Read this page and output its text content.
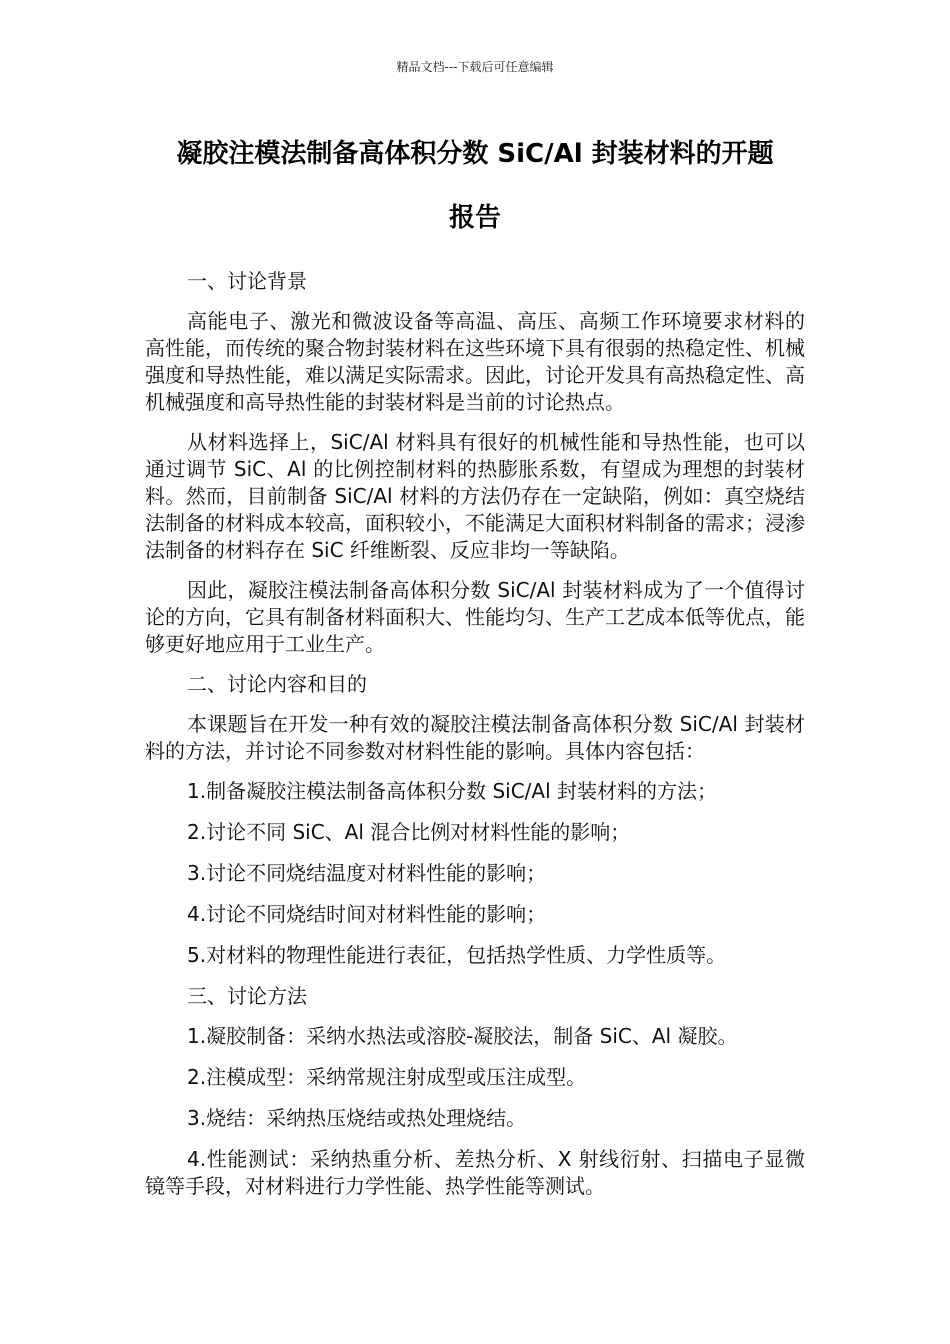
精品文档---下载后可任意编辑
凝胶注模法制备高体积分数 SiC/Al 封装材料的开题
报告
一、讨论背景
高能电子、激光和微波设备等高温、高压、高频工作环境要求材料的高性能，而传统的聚合物封装材料在这些环境下具有很弱的热稳定性、机械强度和导热性能，难以满足实际需求。因此，讨论开发具有高热稳定性、高机械强度和高导热性能的封装材料是当前的讨论热点。
从材料选择上，SiC/Al 材料具有很好的机械性能和导热性能，也可以通过调节 SiC、Al 的比例控制材料的热膨胀系数，有望成为理想的封装材料。然而，目前制备 SiC/Al 材料的方法仍存在一定缺陷，例如：真空烧结法制备的材料成本较高，面积较小，不能满足大面积材料制备的需求；浸渗法制备的材料存在 SiC 纤维断裂、反应非均一等缺陷。
因此，凝胶注模法制备高体积分数 SiC/Al 封装材料成为了一个值得讨论的方向，它具有制备材料面积大、性能均匀、生产工艺成本低等优点，能够更好地应用于工业生产。
二、讨论内容和目的
本课题旨在开发一种有效的凝胶注模法制备高体积分数 SiC/Al 封装材料的方法，并讨论不同参数对材料性能的影响。具体内容包括：
1.制备凝胶注模法制备高体积分数 SiC/Al 封装材料的方法；
2.讨论不同 SiC、Al 混合比例对材料性能的影响；
3.讨论不同烧结温度对材料性能的影响；
4.讨论不同烧结时间对材料性能的影响；
5.对材料的物理性能进行表征，包括热学性质、力学性质等。
三、讨论方法
1.凝胶制备：采纳水热法或溶胶-凝胶法，制备 SiC、Al 凝胶。
2.注模成型：采纳常规注射成型或压注成型。
3.烧结：采纳热压烧结或热处理烧结。
4.性能测试：采纳热重分析、差热分析、X 射线衍射、扫描电子显微镜等手段，对材料进行力学性能、热学性能等测试。
